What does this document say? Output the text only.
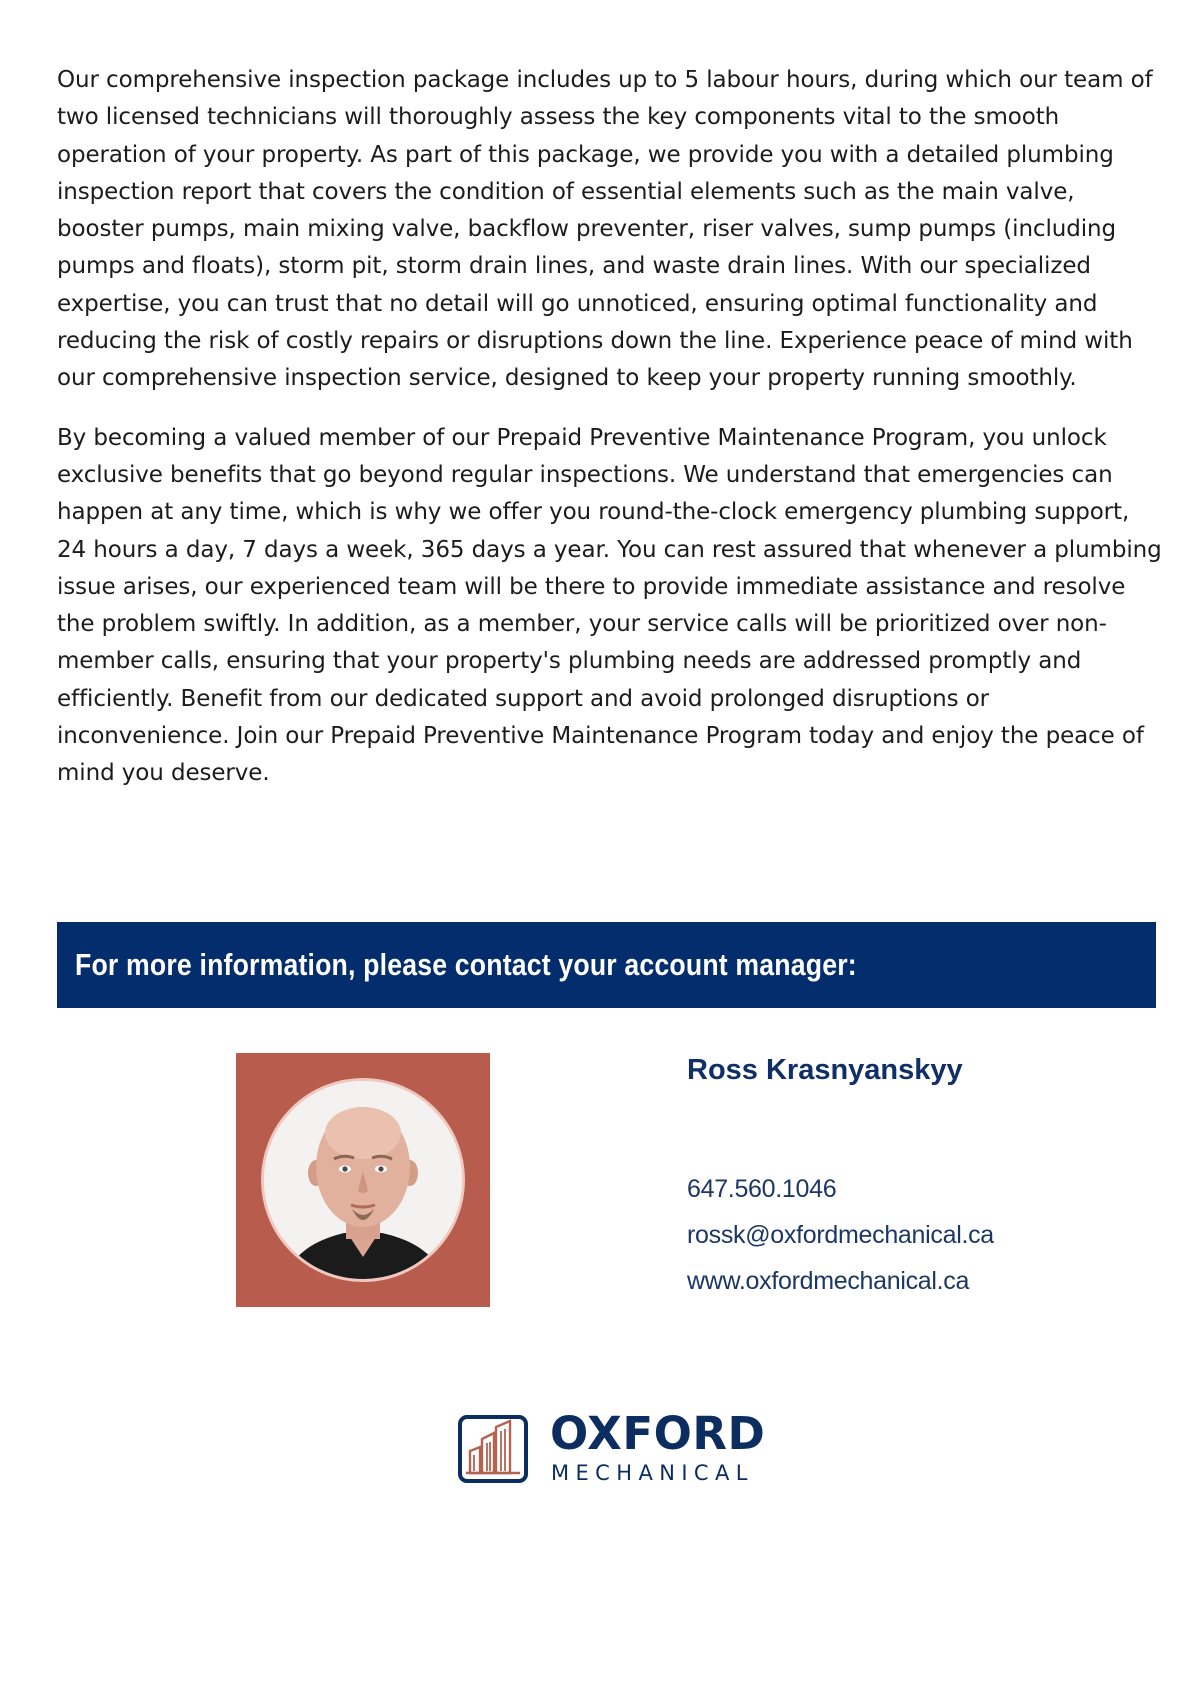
Our comprehensive inspection package includes up to 5 labour hours, during which our team of two licensed technicians will thoroughly assess the key components vital to the smooth operation of your property. As part of this package, we provide you with a detailed plumbing inspection report that covers the condition of essential elements such as the main valve, booster pumps, main mixing valve, backflow preventer, riser valves, sump pumps (including pumps and floats), storm pit, storm drain lines, and waste drain lines. With our specialized expertise, you can trust that no detail will go unnoticed, ensuring optimal functionality and reducing the risk of costly repairs or disruptions down the line. Experience peace of mind with our comprehensive inspection service, designed to keep your property running smoothly.

By becoming a valued member of our Prepaid Preventive Maintenance Program, you unlock exclusive benefits that go beyond regular inspections. We understand that emergencies can happen at any time, which is why we offer you round-the-clock emergency plumbing support, 24 hours a day, 7 days a week, 365 days a year. You can rest assured that whenever a plumbing issue arises, our experienced team will be there to provide immediate assistance and resolve the problem swiftly. In addition, as a member, your service calls will be prioritized over non-member calls, ensuring that your property's plumbing needs are addressed promptly and efficiently. Benefit from our dedicated support and avoid prolonged disruptions or inconvenience. Join our Prepaid Preventive Maintenance Program today and enjoy the peace of mind you deserve.

For more information, please contact your account manager:
Ross Krasnyanskyy
647.560.1046
rossk@oxfordmechanical.ca
www.oxfordmechanical.ca
OXFORD
MECHANICAL
